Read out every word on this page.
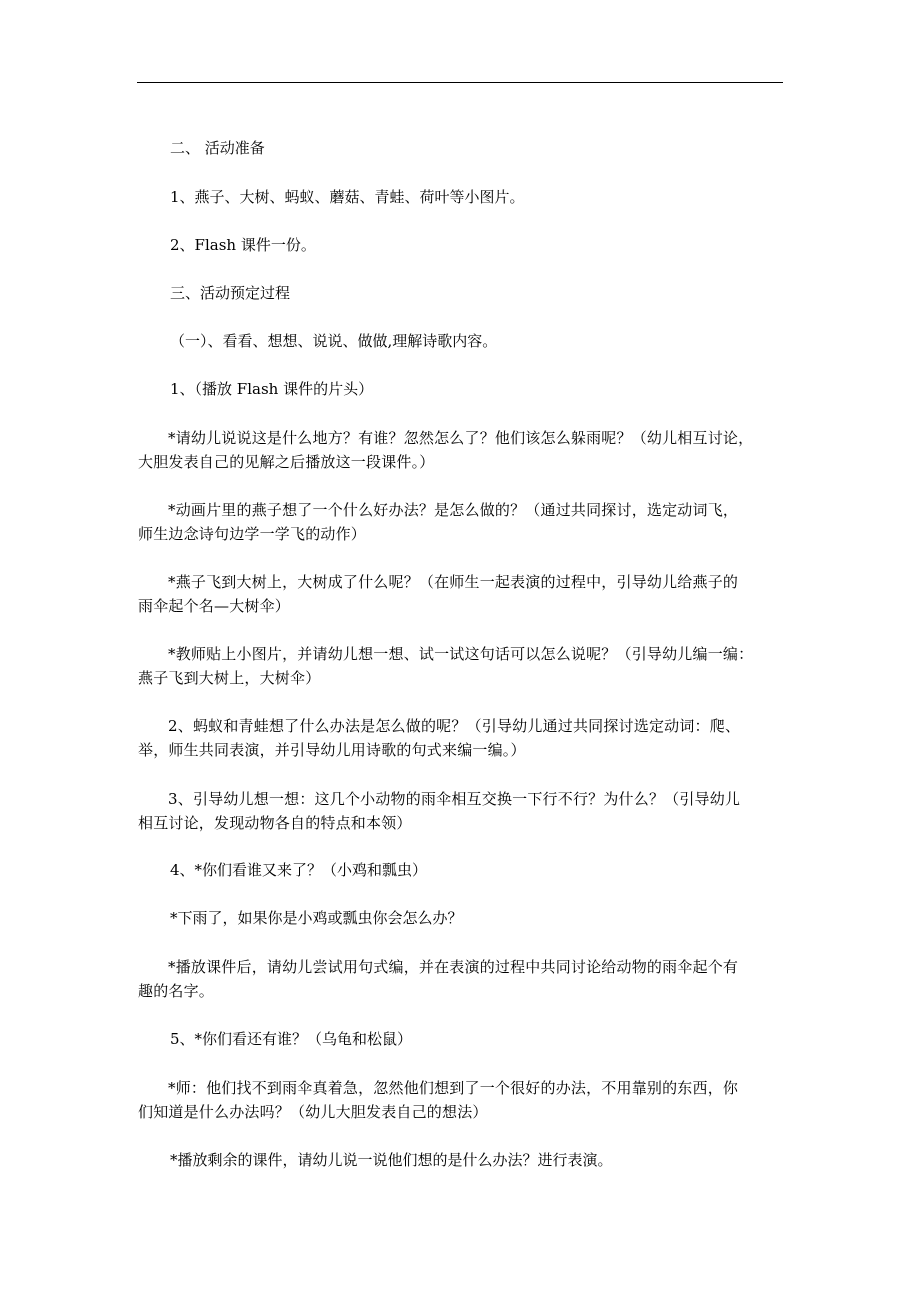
二、 活动准备
1、燕子、大树、蚂蚁、蘑菇、青蛙、荷叶等小图片。
2、Flash 课件一份。
三、活动预定过程
（一）、看看、想想、说说、做做,理解诗歌内容。
1、（播放 Flash 课件的片头）
*请幼儿说说这是什么地方？有谁？忽然怎么了？他们该怎么躲雨呢？（幼儿相互讨论，
大胆发表自己的见解之后播放这一段课件。）
*动画片里的燕子想了一个什么好办法？是怎么做的？（通过共同探讨，选定动词飞，
师生边念诗句边学一学飞的动作）
*燕子飞到大树上，大树成了什么呢？（在师生一起表演的过程中，引导幼儿给燕子的
雨伞起个名—大树伞）
*教师贴上小图片，并请幼儿想一想、试一试这句话可以怎么说呢？（引导幼儿编一编：
燕子飞到大树上，大树伞）
2、蚂蚁和青蛙想了什么办法是怎么做的呢？（引导幼儿通过共同探讨选定动词：爬、
举，师生共同表演，并引导幼儿用诗歌的句式来编一编。）
3、引导幼儿想一想：这几个小动物的雨伞相互交换一下行不行？为什么？（引导幼儿
相互讨论，发现动物各自的特点和本领）
4、*你们看谁又来了？（小鸡和瓢虫）
*下雨了，如果你是小鸡或瓢虫你会怎么办？
*播放课件后，请幼儿尝试用句式编，并在表演的过程中共同讨论给动物的雨伞起个有
趣的名字。
5、*你们看还有谁？（乌龟和松鼠）
*师：他们找不到雨伞真着急，忽然他们想到了一个很好的办法，不用靠别的东西，你
们知道是什么办法吗？（幼儿大胆发表自己的想法）
*播放剩余的课件，请幼儿说一说他们想的是什么办法？进行表演。
